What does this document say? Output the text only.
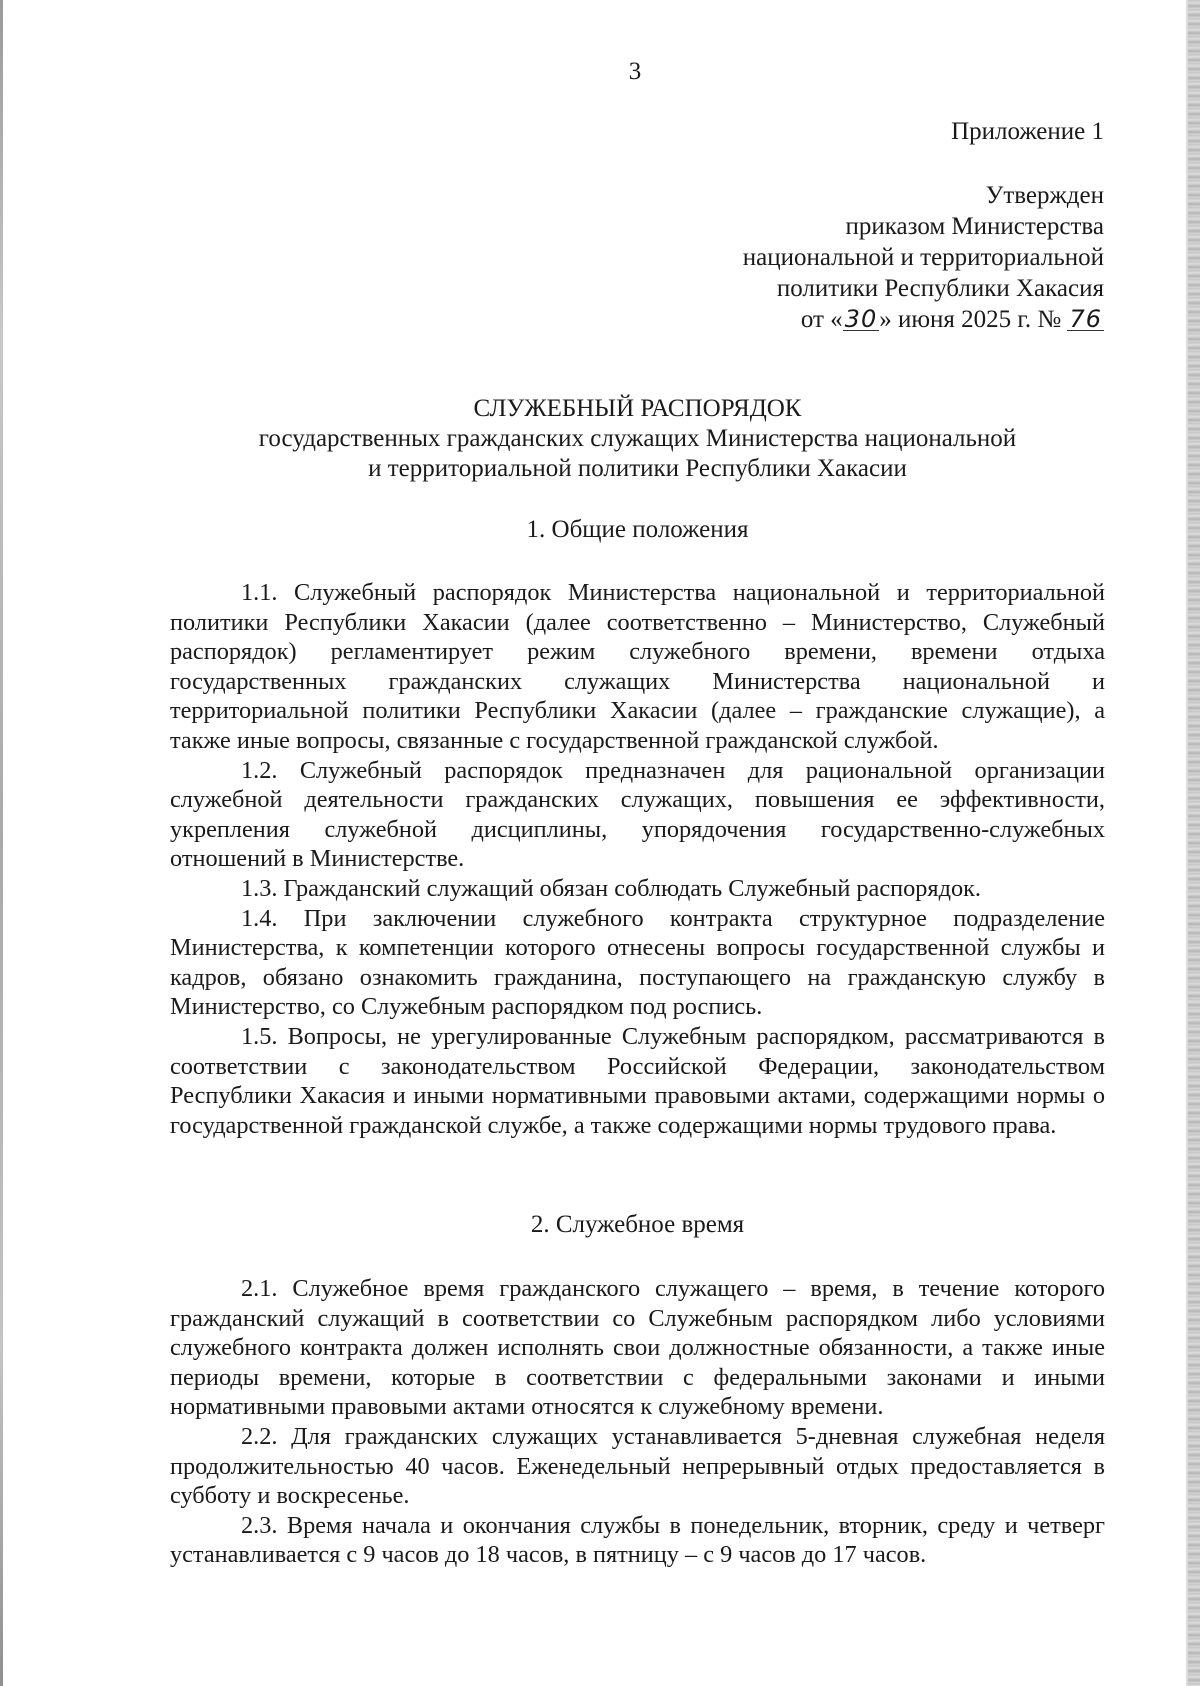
3
Приложение 1
Утвержден
приказом Министерства
национальной и территориальной
политики Республики Хакасия
от «30» июня 2025 г. № 76
СЛУЖЕБНЫЙ РАСПОРЯДОК
государственных гражданских служащих Министерства национальной
и территориальной политики Республики Хакасии
1. Общие положения

1.1. Служебный распорядок Министерства национальной и территориальной политики Республики Хакасии (далее соответственно – Министерство, Служебный распорядок) регламентирует режим служебного времени, времени отдыха государственных гражданских служащих Министерства национальной и территориальной политики Республики Хакасии (далее – гражданские служащие), а также иные вопросы, связанные с государственной гражданской службой.

1.2. Служебный распорядок предназначен для рациональной организации служебной деятельности гражданских служащих, повышения ее эффективности, укрепления служебной дисциплины, упорядочения государственно-служебных отношений в Министерстве.

1.3. Гражданский служащий обязан соблюдать Служебный распорядок.

1.4. При заключении служебного контракта структурное подразделение Министерства, к компетенции которого отнесены вопросы государственной службы и кадров, обязано ознакомить гражданина, поступающего на гражданскую службу в Министерство, со Служебным распорядком под роспись.

1.5. Вопросы, не урегулированные Служебным распорядком, рассматриваются в соответствии с законодательством Российской Федерации, законодательством Республики Хакасия и иными нормативными правовыми актами, содержащими нормы о государственной гражданской службе, а также содержащими нормы трудового права.

2. Служебное время

2.1. Служебное время гражданского служащего – время, в течение которого гражданский служащий в соответствии со Служебным распорядком либо условиями служебного контракта должен исполнять свои должностные обязанности, а также иные периоды времени, которые в соответствии с федеральными законами и иными нормативными правовыми актами относятся к служебному времени.

2.2. Для гражданских служащих устанавливается 5-дневная служебная неделя продолжительностью 40 часов. Еженедельный непрерывный отдых предоставляется в субботу и воскресенье.

2.3. Время начала и окончания службы в понедельник, вторник, среду и четверг устанавливается с 9 часов до 18 часов, в пятницу – с 9 часов до 17 часов.
